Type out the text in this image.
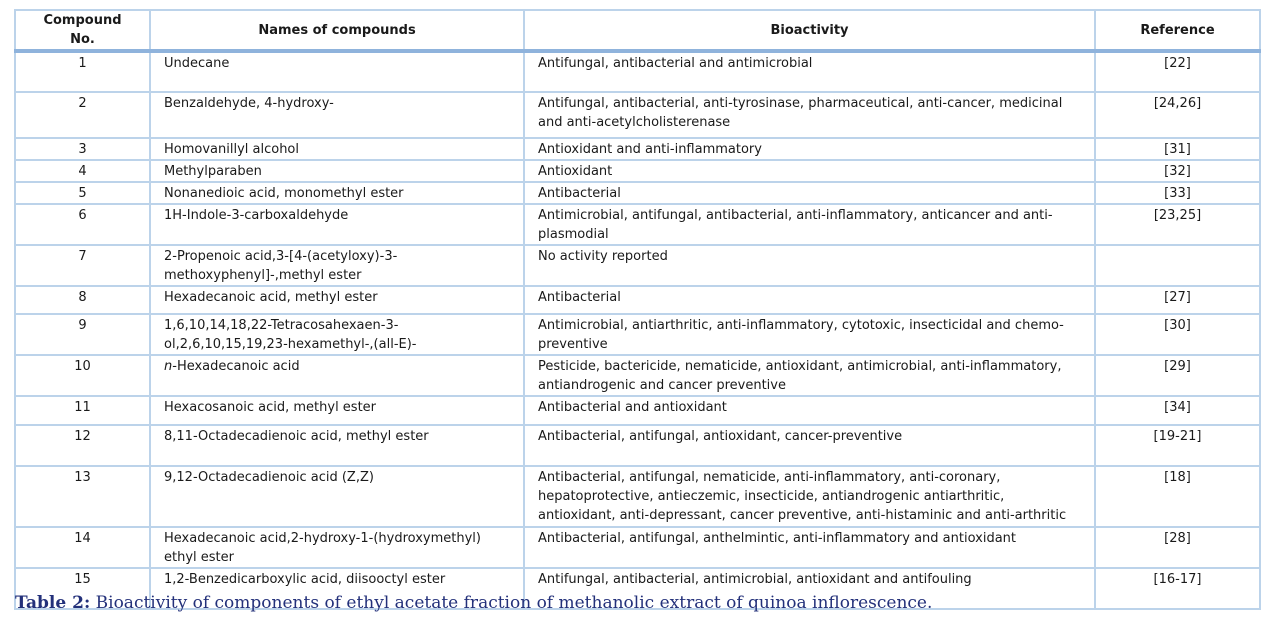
Compound No.	Names of compounds	Bioactivity	Reference
1	Undecane	Antifungal, antibacterial and antimicrobial	[22]
2	Benzaldehyde, 4-hydroxy-	Antifungal, antibacterial, anti-tyrosinase, pharmaceutical, anti-cancer, medicinal and anti-acetylcholisterenase	[24,26]
3	Homovanillyl alcohol	Antioxidant and anti-inflammatory	[31]
4	Methylparaben	Antioxidant	[32]
5	Nonanedioic acid, monomethyl ester	Antibacterial	[33]
6	1H-Indole-3-carboxaldehyde	Antimicrobial, antifungal, antibacterial, anti-inflammatory, anticancer and anti-plasmodial	[23,25]
7	2-Propenoic acid,3-[4-(acetyloxy)-3-methoxyphenyl]-,methyl ester	No activity reported	
8	Hexadecanoic acid, methyl ester	Antibacterial	[27]
9	1,6,10,14,18,22-Tetracosahexaen-3-ol,2,6,10,15,19,23-hexamethyl-,(all-E)-	Antimicrobial, antiarthritic, anti-inflammatory, cytotoxic, insecticidal and chemo-preventive	[30]
10	n-Hexadecanoic acid	Pesticide, bactericide, nematicide, antioxidant, antimicrobial, anti-inflammatory, antiandrogenic and cancer preventive	[29]
11	Hexacosanoic acid, methyl ester	Antibacterial and antioxidant	[34]
12	8,11-Octadecadienoic acid, methyl ester	Antibacterial, antifungal, antioxidant, cancer-preventive	[19-21]
13	9,12-Octadecadienoic acid (Z,Z)	Antibacterial, antifungal, nematicide, anti-inflammatory, anti-coronary, hepatoprotective, antieczemic, insecticide, antiandrogenic antiarthritic, antioxidant, anti-depressant, cancer preventive, anti-histaminic and anti-arthritic	[18]
14	Hexadecanoic acid,2-hydroxy-1-(hydroxymethyl) ethyl ester	Antibacterial, antifungal, anthelmintic, anti-inflammatory and antioxidant	[28]
15	1,2-Benzedicarboxylic acid, diisooctyl ester	Antifungal, antibacterial, antimicrobial, antioxidant and antifouling	[16-17]
Table 2: Bioactivity of components of ethyl acetate fraction of methanolic extract of quinoa inflorescence.
